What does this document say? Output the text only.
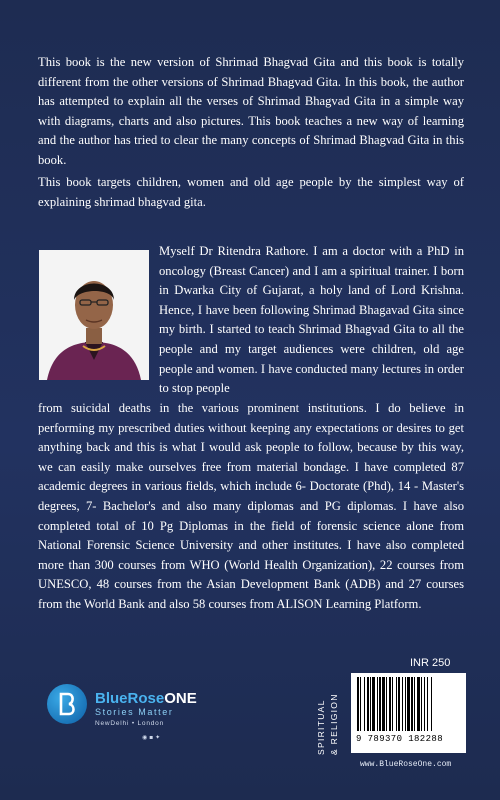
This book is the new version of Shrimad Bhagvad Gita and this book is totally different from the other versions of Shrimad Bhagvad Gita. In this book, the author has attempted to explain all the verses of Shrimad Bhagvad Gita in a simple way with diagrams, charts and also pictures. This book teaches a new way of learning and the author has tried to clear the many concepts of Shrimad Bhagvad Gita in this book.

This book targets children, women and old age people by the simplest way of explaining shrimad bhagvad gita.

Myself Dr Ritendra Rathore. I am a doctor with a PhD in oncology (Breast Cancer) and I am a spiritual trainer. I born in Dwarka City of Gujarat, a holy land of Lord Krishna. Hence, I have been following Shrimad Bhagavad Gita since my birth. I started to teach Shrimad Bhagvad Gita to all the people and my target audiences were children, old age people and women. I have conducted many lectures in order to stop people

from suicidal deaths in the various prominent institutions. I do believe in performing my prescribed duties without keeping any expectations or desires to get anything back and this is what I would ask people to follow, because by this way, we can easily make ourselves free from material bondage. I have completed 87 academic degrees in various fields, which include 6- Doctorate (Phd), 14 - Master's degrees, 7- Bachelor's and also many diplomas and PG diplomas. I have also completed total of 10 Pg Diplomas in the field of forensic science alone from National Forensic Science University and other institutes. I have also completed more than 300 courses from WHO (World Health Organization), 22 courses from UNESCO, 48 courses from the Asian Development Bank (ADB) and 27 courses from the World Bank and also 58 courses from ALISON Learning Platform.

BlueRoseONE
Stories Matter
NewDelhi • London
◉ ▪ ✦	SPIRITUAL & RELIGION
INR 250
9 789370 182288
www.BlueRoseOne.com
